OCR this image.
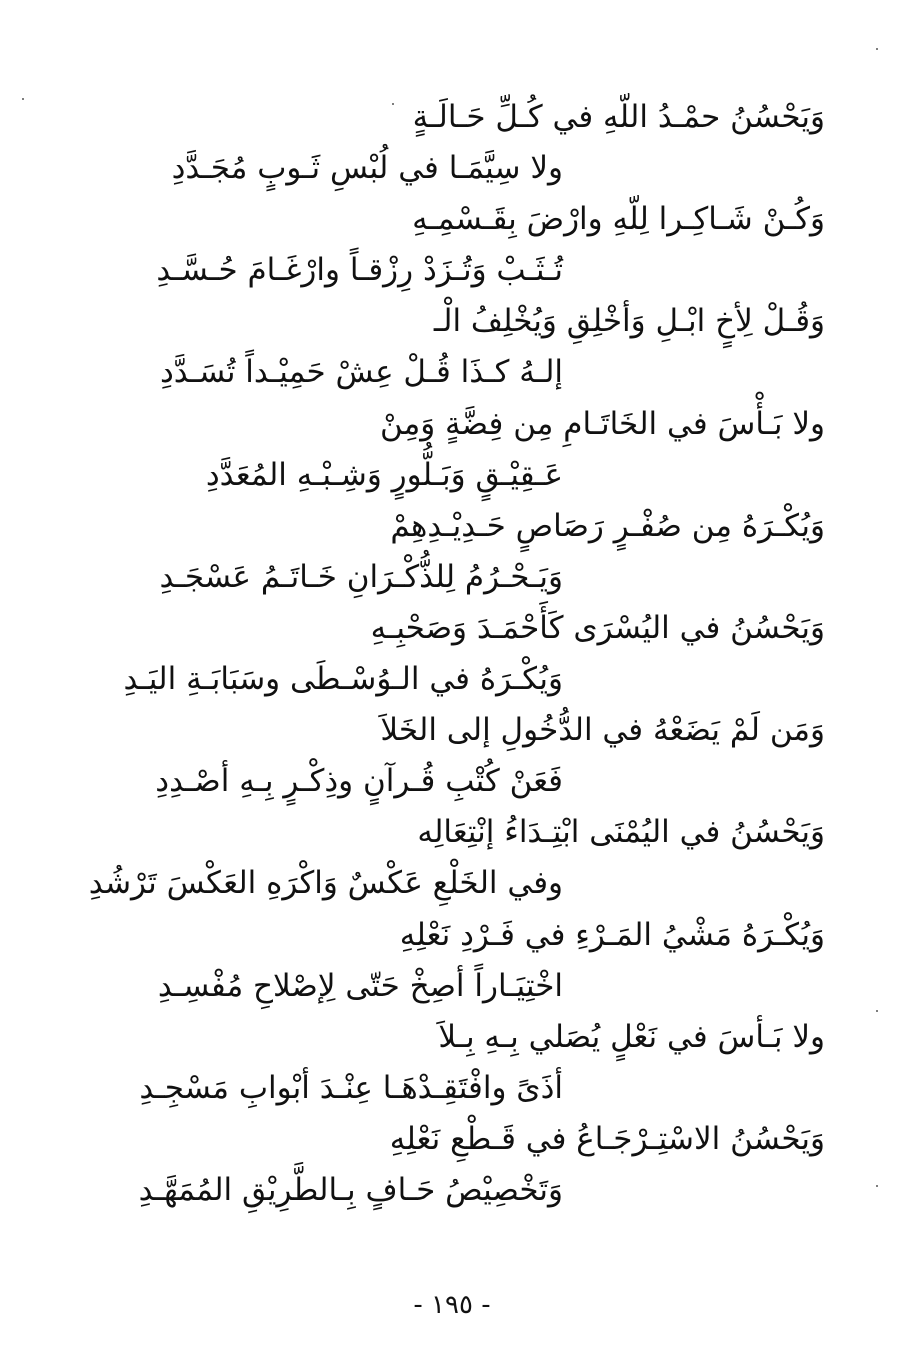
وَيَحْسُنُ حمْـدُ اللّهِ في كُـلِّ حَـالَـةٍ
ولا سِيَّمَـا في لُبْسِ ثَـوبٍ مُجَـدَّدِ
وَكُـنْ شَـاكِـرا لِلّهِ وارْضَ بِقَـسْمِـهِ
تُـثَـبْ وَتُـزَدْ رِزْقـاً وارْغَـامَ حُـسَّـدِ
وَقُـلْ لِأخٍ ابْـلِ وَأخْلِقِ وَيُخْلِفُ الْـ
إلـهُ كـذَا قُـلْ عِشْ حَمِيْـداً تُسَـدَّدِ
ولا بَـأْسَ في الخَاتَـامِ مِن فِضَّةٍ وَمِنْ
عَـقِيْـقٍ وَبَـلُّورٍ وَشِـبْـهِ المُعَدَّدِ
وَيُكْـرَهُ مِن صُفْـرٍ رَصَاصٍ حَـدِيْـدِهِمْ
وَيَـحْـرُمُ لِلذُّكْـرَانِ خَـاتَـمُ عَسْجَـدِ
وَيَحْسُنُ في اليُسْرَى كَأَحْمَـدَ وَصَحْبِـهِ
وَيُكْـرَهُ في الـوُسْـطَى وسَبَابَـةِ اليَـدِ
وَمَن لَمْ يَضَعْهُ في الدُّخُولِ إلى الخَلاَ
فَعَنْ كُتْبِ قُـرآنٍ وذِكْـرٍ بِـهِ أصْـدِدِ
وَيَحْسُنُ في اليُمْنَى ابْتِـدَاءُ إنْتِعَالِه
وفي الخَلْعِ عَكْسٌ وَاكْرَهِ العَكْسَ تَرْشُدِ
وَيُكْـرَهُ مَشْيُ المَـرْءِ في فَـرْدِ نَعْلِهِ
اخْتِيَـاراً أصِخْ حَتّى لِإصْلاحِ مُفْسِـدِ
ولا بَـأسَ في نَعْلٍ يُصَلي بِـهِ بِـلاَ
أذَىً وافْتَقِـدْهَـا عِنْـدَ أبْوابِ مَسْجِـدِ
وَيَحْسُنُ الاسْتِـرْجَـاعُ في قَـطْعِ نَعْلِهِ
وَتَخْصِيْصُ حَـافٍ بِـالطَّرِيْقِ المُمَهَّـدِ
- ١٩٥ -
